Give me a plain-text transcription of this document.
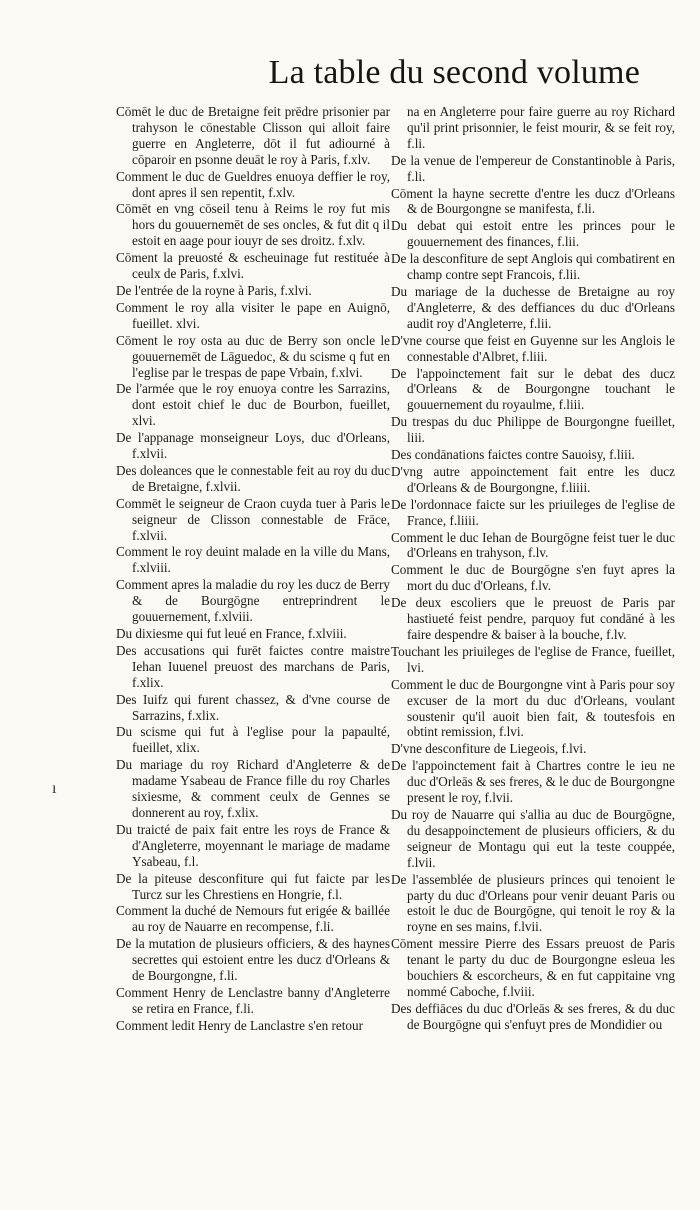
La table du second volume
ı

Cōmēt le duc de Bretaigne feit prēdre prisonier par trahyson le cōnestable Clisson qui alloit faire guerre en Angleterre, dōt il fut adiourné à cōparoir en psonne deuāt le roy à Paris, f.xlv.

Comment le duc de Gueldres enuoya deffier le roy, dont apres il sen repentit, f.xlv.

Cōmēt en vng cōseil tenu à Reims le roy fut mis hors du gouuernemēt de ses oncles, & fut dit q il estoit en aage pour iouyr de ses droitz. f.xlv.

Cōment la preuosté & escheuinage fut restituée à ceulx de Paris, f.xlvi.

De l'entrée de la royne à Paris, f.xlvi.

Comment le roy alla visiter le pape en Auignō, fueillet. xlvi.

Cōment le roy osta au duc de Berry son oncle le gouuernemēt de Lāguedoc, & du scisme q fut en l'eglise par le trespas de pape Vrbain, f.xlvi.

De l'armée que le roy enuoya contre les Sarrazins, dont estoit chief le duc de Bourbon, fueillet, xlvi.

De l'appanage monseigneur Loys, duc d'Orleans, f.xlvii.

Des doleances que le connestable feit au roy du duc de Bretaigne, f.xlvii.

Commēt le seigneur de Craon cuyda tuer à Paris le seigneur de Clisson connestable de Frāce, f.xlvii.

Comment le roy deuint malade en la ville du Mans, f.xlviii.

Comment apres la maladie du roy les ducz de Berry & de Bourgōgne entreprindrent le gouuernement, f.xlviii.

Du dixiesme qui fut leué en France, f.xlviii.

Des accusations qui furēt faictes contre maistre Iehan Iuuenel preuost des marchans de Paris, f.xlix.

Des Iuifz qui furent chassez, & d'vne course de Sarrazins, f.xlix.

Du scisme qui fut à l'eglise pour la papaulté, fueillet, xlix.

Du mariage du roy Richard d'Angleterre & de madame Ysabeau de France fille du roy Charles sixiesme, & comment ceulx de Gennes se donnerent au roy, f.xlix.

Du traicté de paix fait entre les roys de France & d'Angleterre, moyennant le mariage de madame Ysabeau, f.l.

De la piteuse desconfiture qui fut faicte par les Turcz sur les Chrestiens en Hongrie, f.l.

Comment la duché de Nemours fut erigée & baillée au roy de Nauarre en recompense, f.li.

De la mutation de plusieurs officiers, & des haynes secrettes qui estoient entre les ducz d'Orleans & de Bourgongne, f.li.

Comment Henry de Lenclastre banny d'Angleterre se retira en France, f.li.

Comment ledit Henry de Lanclastre s'en retour

na en Angleterre pour faire guerre au roy Richard qu'il print prisonnier, le feist mourir, & se feit roy, f.li.

De la venue de l'empereur de Constantinoble à Paris, f.li.

Cōment la hayne secrette d'entre les ducz d'Orleans & de Bourgongne se manifesta, f.li.

Du debat qui estoit entre les princes pour le gouuernement des finances, f.lii.

De la desconfiture de sept Anglois qui combatirent en champ contre sept Francois, f.lii.

Du mariage de la duchesse de Bretaigne au roy d'Angleterre, & des deffiances du duc d'Orleans audit roy d'Angleterre, f.lii.

D'vne course que feist en Guyenne sur les Anglois le connestable d'Albret, f.liii.

De l'appoinctement fait sur le debat des ducz d'Orleans & de Bourgongne touchant le gouuernement du royaulme, f.liii.

Du trespas du duc Philippe de Bourgongne fueillet, liii.

Des condānations faictes contre Sauoisy, f.liii.

D'vng autre appoinctement fait entre les ducz d'Orleans & de Bourgongne, f.liiii.

De l'ordonnace faicte sur les priuileges de l'eglise de France, f.liiii.

Comment le duc Iehan de Bourgōgne feist tuer le duc d'Orleans en trahyson, f.lv.

Comment le duc de Bourgōgne s'en fuyt apres la mort du duc d'Orleans, f.lv.

De deux escoliers que le preuost de Paris par hastiueté feist pendre, parquoy fut condāné à les faire despendre & baiser à la bouche, f.lv.

Touchant les priuileges de l'eglise de France, fueillet, lvi.

Comment le duc de Bourgongne vint à Paris pour soy excuser de la mort du duc d'Orleans, voulant soustenir qu'il auoit bien fait, & toutesfois en obtint remission, f.lvi.

D'vne desconfiture de Liegeois, f.lvi.

De l'appoinctement fait à Chartres contre le ieu ne duc d'Orleās & ses freres, & le duc de Bourgongne present le roy, f.lvii.

Du roy de Nauarre qui s'allia au duc de Bourgōgne, du desappoinctement de plusieurs officiers, & du seigneur de Montagu qui eut la teste couppée, f.lvii.

De l'assemblée de plusieurs princes qui tenoient le party du duc d'Orleans pour venir deuant Paris ou estoit le duc de Bourgōgne, qui tenoit le roy & la royne en ses mains, f.lvii.

Cōment messire Pierre des Essars preuost de Paris tenant le party du duc de Bourgongne esleua les bouchiers & escorcheurs, & en fut cappitaine vng nommé Caboche, f.lviii.

Des deffiāces du duc d'Orleās & ses freres, & du duc de Bourgōgne qui s'enfuyt pres de Mondidier ou
